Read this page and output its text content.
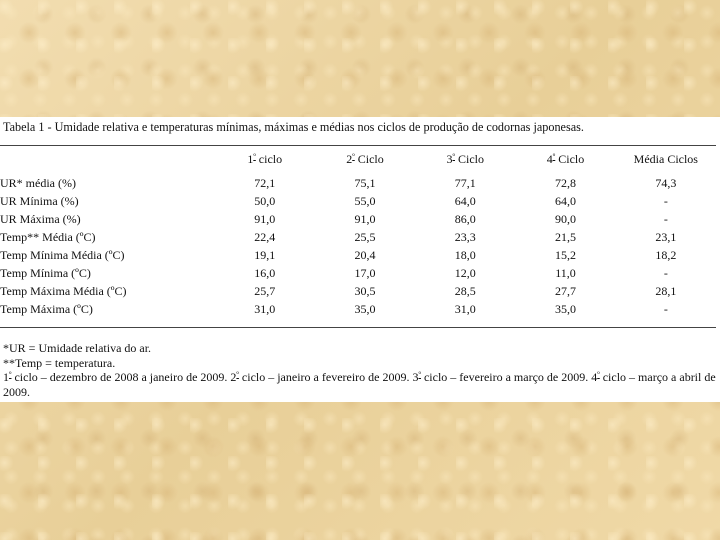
Tabela 1 - Umidade relativa e temperaturas mínimas, máximas e médias nos ciclos de produção de codornas japonesas.
	$1^º$ ciclo	$2^º$ Ciclo	$3^º$ Ciclo	$4^º$ Ciclo	Média Ciclos
UR* média (%)	72,1	75,1	77,1	72,8	74,3
UR Mínima (%)	50,0	55,0	64,0	64,0	-
UR Máxima (%)	91,0	91,0	86,0	90,0	-
Temp** Média (ºC)	22,4	25,5	23,3	21,5	23,1
Temp Mínima Média (ºC)	19,1	20,4	18,0	15,2	18,2
Temp Mínima (ºC)	16,0	17,0	12,0	11,0	-
Temp Máxima Média (ºC)	25,7	30,5	28,5	27,7	28,1
Temp Máxima (ºC)	31,0	35,0	31,0	35,0	-
*UR = Umidade relativa do ar.
**Temp = temperatura.
$1^º$ ciclo – dezembro de 2008 a janeiro de 2009. $2^º$ ciclo – janeiro a fevereiro de 2009. $3^º$ ciclo – fevereiro a março de 2009. $4^º$ ciclo – março a abril de 2009.
